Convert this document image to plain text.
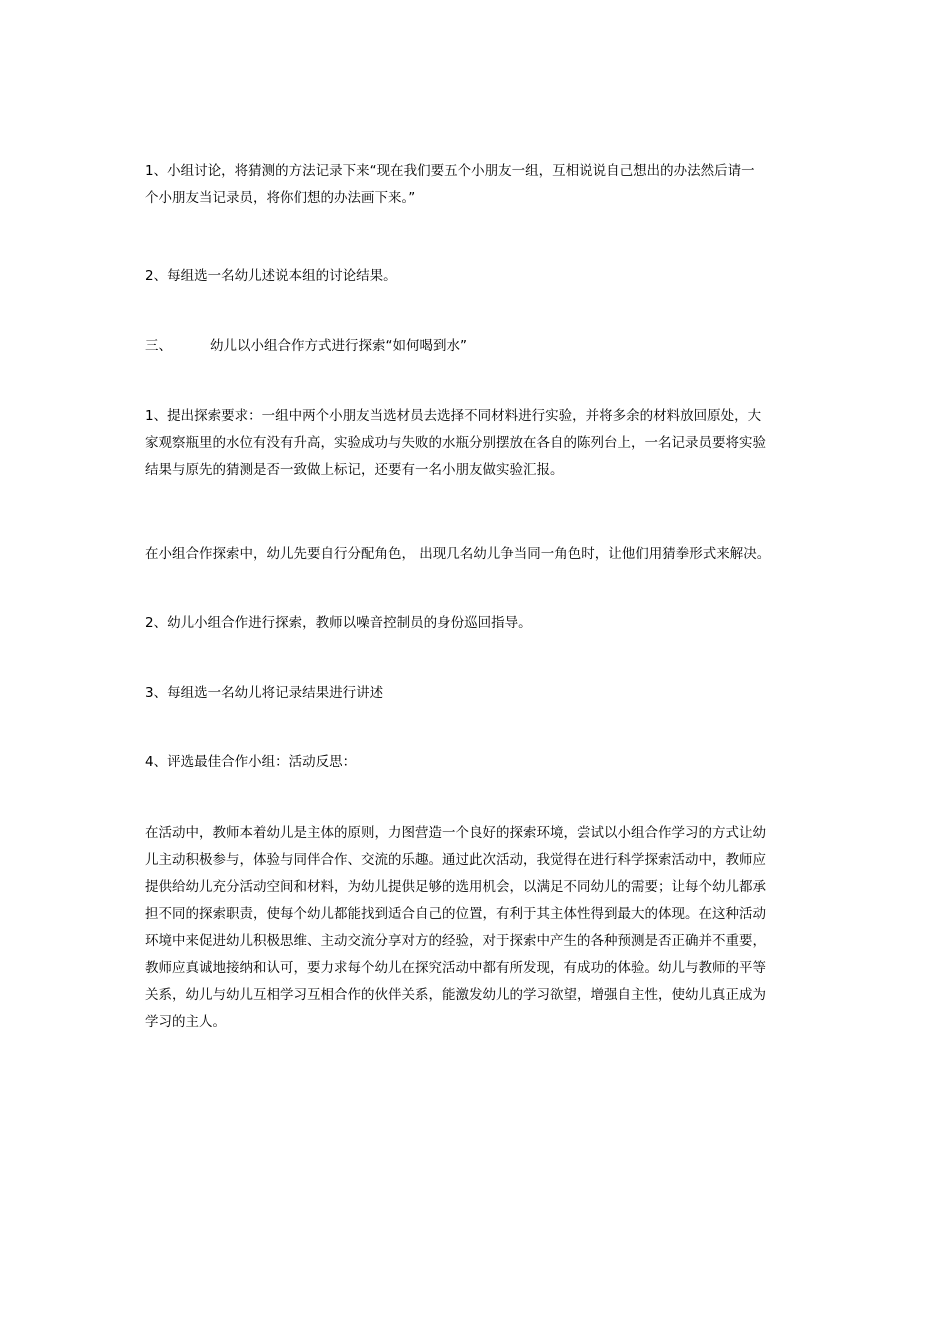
1、小组讨论，将猜测的方法记录下来“现在我们要五个小朋友一组，互相说说自己想出的办法然后请一
个小朋友当记录员，将你们想的办法画下来。”

2、每组选一名幼儿述说本组的讨论结果。

三、	幼儿以小组合作方式进行探索“如何喝到水”

1、提出探索要求：一组中两个小朋友当选材员去选择不同材料进行实验，并将多余的材料放回原处，大
家观察瓶里的水位有没有升高，实验成功与失败的水瓶分别摆放在各自的陈列台上，一名记录员要将实验
结果与原先的猜测是否一致做上标记，还要有一名小朋友做实验汇报。

在小组合作探索中，幼儿先要自行分配角色， 出现几名幼儿争当同一角色时，让他们用猜拳形式来解决。

2、幼儿小组合作进行探索，教师以噪音控制员的身份巡回指导。

3、每组选一名幼儿将记录结果进行讲述

4、评选最佳合作小组：活动反思：

在活动中，教师本着幼儿是主体的原则，力图营造一个良好的探索环境，尝试以小组合作学习的方式让幼
儿主动积极参与，体验与同伴合作、交流的乐趣。通过此次活动，我觉得在进行科学探索活动中，教师应
提供给幼儿充分活动空间和材料，为幼儿提供足够的选用机会，以满足不同幼儿的需要；让每个幼儿都承
担不同的探索职责，使每个幼儿都能找到适合自己的位置，有利于其主体性得到最大的体现。在这种活动
环境中来促进幼儿积极思维、主动交流分享对方的经验，对于探索中产生的各种预测是否正确并不重要，
教师应真诚地接纳和认可，要力求每个幼儿在探究活动中都有所发现，有成功的体验。幼儿与教师的平等
关系，幼儿与幼儿互相学习互相合作的伙伴关系，能激发幼儿的学习欲望，增强自主性，使幼儿真正成为
学习的主人。
